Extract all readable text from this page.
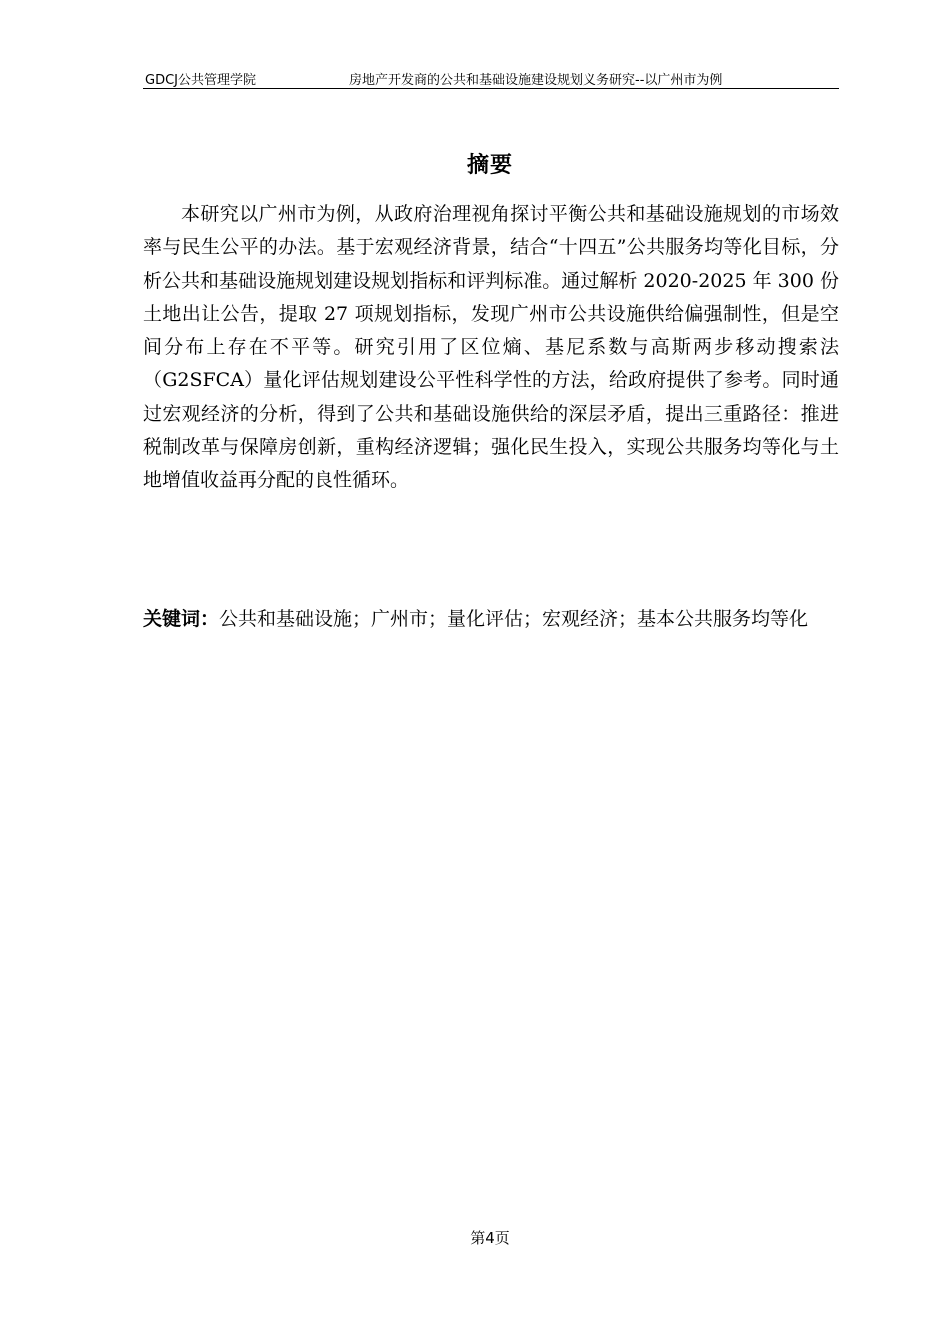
GDCJ公共管理学院	房地产开发商的公共和基础设施建设规划义务研究--以广州市为例
摘要

本研究以广州市为例，从政府治理视角探讨平衡公共和基础设施规划的市场效率与民生公平的办法。基于宏观经济背景，结合“十四五”公共服务均等化目标，分析公共和基础设施规划建设规划指标和评判标准。通过解析 2020-2025 年 300 份土地出让公告，提取 27 项规划指标，发现广州市公共设施供给偏强制性，但是空间分布上存在不平等。研究引用了区位熵、基尼系数与高斯两步移动搜索法（G2SFCA）量化评估规划建设公平性科学性的方法，给政府提供了参考。同时通过宏观经济的分析，得到了公共和基础设施供给的深层矛盾，提出三重路径：推进税制改革与保障房创新，重构经济逻辑；强化民生投入，实现公共服务均等化与土地增值收益再分配的良性循环。

关键词：公共和基础设施；广州市；量化评估；宏观经济；基本公共服务均等化

第4页
